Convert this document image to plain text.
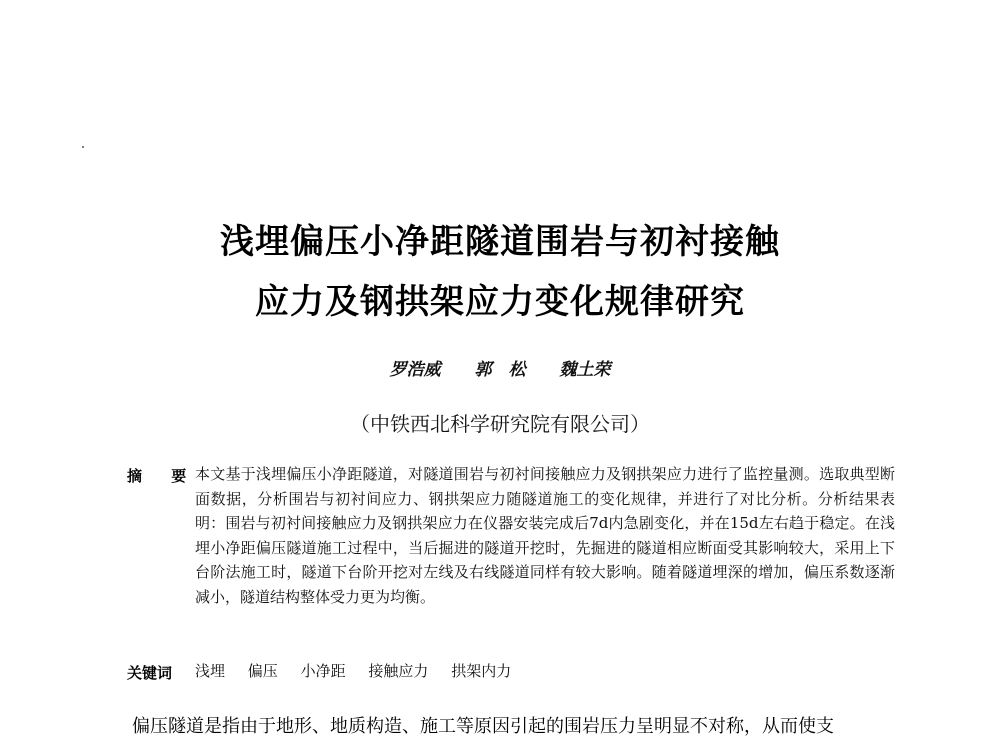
浅埋偏压小净距隧道围岩与初衬接触
应力及钢拱架应力变化规律研究
罗浩威 郭　松 魏土荣
（中铁西北科学研究院有限公司）
摘 要
本文基于浅埋偏压小净距隧道，对隧道围岩与初衬间接触应力及钢拱架应力进行了监控量测。选取典型断面数据，分析围岩与初衬间应力、钢拱架应力随隧道施工的变化规律，并进行了对比分析。分析结果表明：围岩与初衬间接触应力及钢拱架应力在仪器安装完成后7d内急剧变化，并在15d左右趋于稳定。在浅埋小净距偏压隧道施工过程中，当后掘进的隧道开挖时，先掘进的隧道相应断面受其影响较大，采用上下台阶法施工时，隧道下台阶开挖对左线及右线隧道同样有较大影响。随着隧道埋深的增加，偏压系数逐渐减小，隧道结构整体受力更为均衡。
关键词 浅埋 偏压 小净距 接触应力 拱架内力
偏压隧道是指由于地形、地质构造、施工等原因引起的围岩压力呈明显不对称，从而使支
